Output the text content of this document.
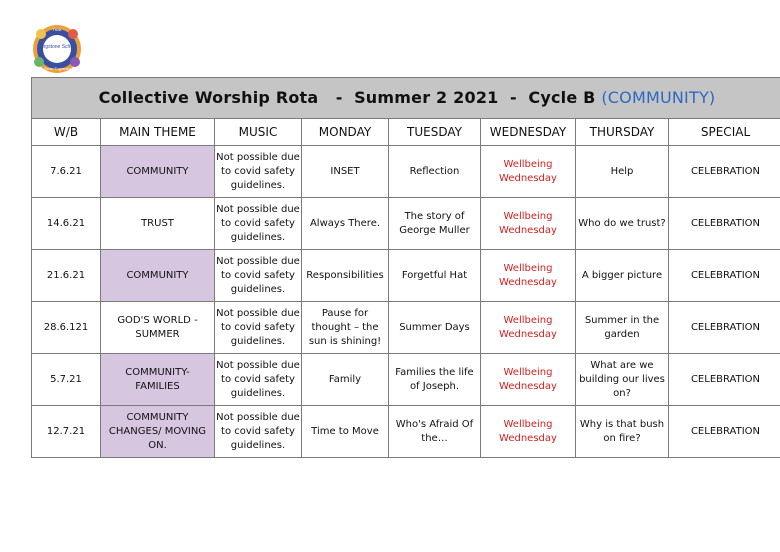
Longstone School
Trust
Grow Together
Collective Worship Rota   -  Summer 2 2021  -  Cycle B (COMMUNITY)							
W/B	MAIN THEME	MUSIC	MONDAY	TUESDAY	WEDNESDAY	THURSDAY	SPECIAL
7.6.21	COMMUNITY	Not possible due to covid safety guidelines.	INSET	Reflection	Wellbeing Wednesday	Help	CELEBRATION
14.6.21	TRUST	Not possible due to covid safety guidelines.	Always There.	The story of George Muller	Wellbeing Wednesday	Who do we trust?	CELEBRATION
21.6.21	COMMUNITY	Not possible due to covid safety guidelines.	Responsibilities	Forgetful Hat	Wellbeing Wednesday	A bigger picture	CELEBRATION
28.6.121	GOD'S WORLD - SUMMER	Not possible due to covid safety guidelines.	Pause for thought – the sun is shining!	Summer Days	Wellbeing Wednesday	Summer in the garden	CELEBRATION
5.7.21	COMMUNITY- FAMILIES	Not possible due to covid safety guidelines.	Family	Families the life of Joseph.	Wellbeing Wednesday	What are we building our lives on?	CELEBRATION
12.7.21	COMMUNITY CHANGES/ MOVING ON.	Not possible due to covid safety guidelines.	Time to Move	Who's Afraid Of the…	Wellbeing Wednesday	Why is that bush on fire?	CELEBRATION
